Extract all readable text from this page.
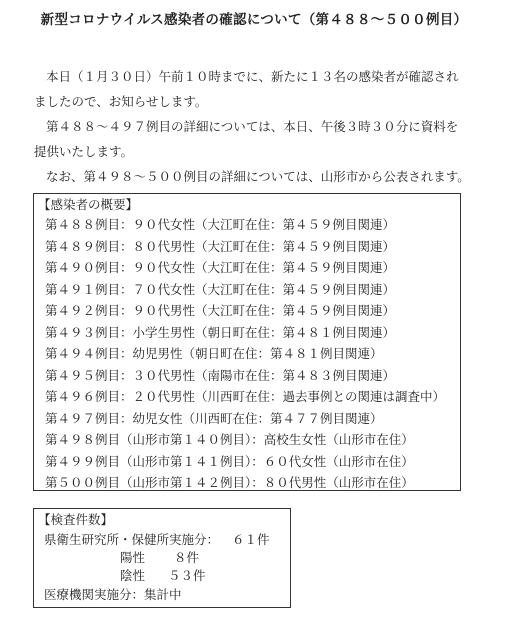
新型コロナウイルス感染者の確認について（第４８８～５００例目）

本日（１月３０日）午前１０時までに、新たに１３名の感染者が確認され

ましたので、お知らせします。

第４８８～４９７例目の詳細については、本日、午後３時３０分に資料を

提供いたします。

なお、第４９８～５００例目の詳細については、山形市から公表されます。

【感染者の概要】
第４８８例目：９０代女性（大江町在住：第４５９例目関連）
第４８９例目：８０代男性（大江町在住：第４５９例目関連）
第４９０例目：９０代女性（大江町在住：第４５９例目関連）
第４９１例目：７０代女性（大江町在住：第４５９例目関連）
第４９２例目：９０代男性（大江町在住：第４５９例目関連）
第４９３例目：小学生男性（朝日町在住：第４８１例目関連）
第４９４例目：幼児男性（朝日町在住：第４８１例目関連）
第４９５例目：３０代男性（南陽市在住：第４８３例目関連）
第４９６例目：２０代男性（川西町在住：過去事例との関連は調査中）
第４９７例目：幼児女性（川西町在住：第４７７例目関連）
第４９８例目（山形市第１４０例目）：高校生女性（山形市在住）
第４９９例目（山形市第１４１例目）：６０代女性（山形市在住）
第５００例目（山形市第１４２例目）：８０代男性（山形市在住）
【検査件数】
県衛生研究所・保健所実施分： ６１件
陽性 ８件
陰性 ５３件
医療機関実施分：集計中
